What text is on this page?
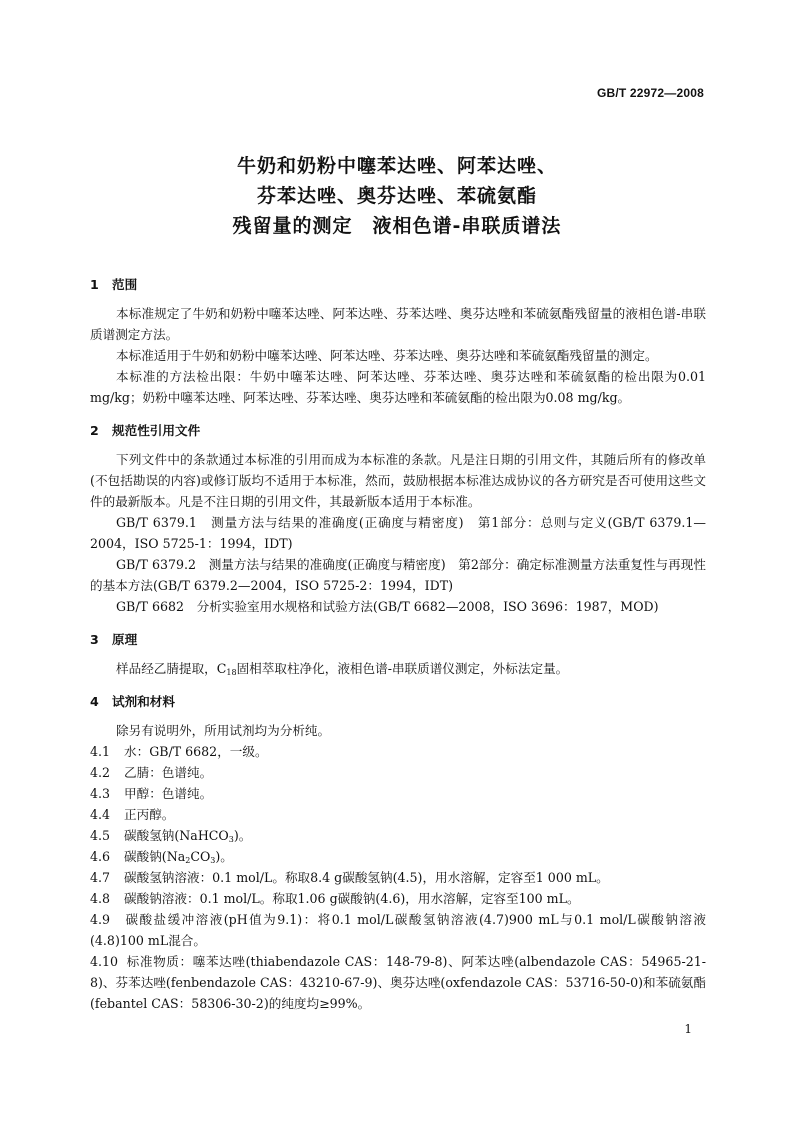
GB/T 22972—2008
牛奶和奶粉中噻苯达唑、阿苯达唑、
芬苯达唑、奥芬达唑、苯硫氨酯
残留量的测定　液相色谱-串联质谱法

1 范围

本标准规定了牛奶和奶粉中噻苯达唑、阿苯达唑、芬苯达唑、奥芬达唑和苯硫氨酯残留量的液相色谱-串联质谱测定方法。

本标准适用于牛奶和奶粉中噻苯达唑、阿苯达唑、芬苯达唑、奥芬达唑和苯硫氨酯残留量的测定。

本标准的方法检出限：牛奶中噻苯达唑、阿苯达唑、芬苯达唑、奥芬达唑和苯硫氨酯的检出限为0.01 mg/kg；奶粉中噻苯达唑、阿苯达唑、芬苯达唑、奥芬达唑和苯硫氨酯的检出限为0.08 mg/kg。

2 规范性引用文件

下列文件中的条款通过本标准的引用而成为本标准的条款。凡是注日期的引用文件，其随后所有的修改单(不包括勘误的内容)或修订版均不适用于本标准，然而，鼓励根据本标准达成协议的各方研究是否可使用这些文件的最新版本。凡是不注日期的引用文件，其最新版本适用于本标准。

GB/T 6379.1　测量方法与结果的准确度(正确度与精密度)　第1部分：总则与定义(GB/T 6379.1—2004，ISO 5725-1：1994，IDT)

GB/T 6379.2　测量方法与结果的准确度(正确度与精密度)　第2部分：确定标准测量方法重复性与再现性的基本方法(GB/T 6379.2—2004，ISO 5725-2：1994，IDT)

GB/T 6682　分析实验室用水规格和试验方法(GB/T 6682—2008，ISO 3696：1987，MOD)

3 原理

样品经乙腈提取，$C_{18}$固相萃取柱净化，液相色谱-串联质谱仪测定，外标法定量。

4 试剂和材料

除另有说明外，所用试剂均为分析纯。

4.1 水：GB/T 6682，一级。

4.2 乙腈：色谱纯。

4.3 甲醇：色谱纯。

4.4 正丙醇。

4.5 碳酸氢钠(NaHCO$_3$)。

4.6 碳酸钠$(Na_2CO_3)$。

4.7 碳酸氢钠溶液：0.1 mol/L。称取8.4 g碳酸氢钠(4.5)，用水溶解，定容至1 000 mL。

4.8 碳酸钠溶液：0.1 mol/L。称取1.06 g碳酸钠(4.6)，用水溶解，定容至100 mL。

4.9 碳酸盐缓冲溶液(pH值为9.1)：将0.1 mol/L碳酸氢钠溶液(4.7)900 mL与0.1 mol/L碳酸钠溶液(4.8)100 mL混合。

4.10 标准物质：噻苯达唑(thiabendazole CAS：148-79-8)、阿苯达唑(albendazole CAS：54965-21-8)、芬苯达唑(fenbendazole CAS：43210-67-9)、奥芬达唑(oxfendazole CAS：53716-50-0)和苯硫氨酯(febantel CAS：58306-30-2)的纯度均≥99%。

1
